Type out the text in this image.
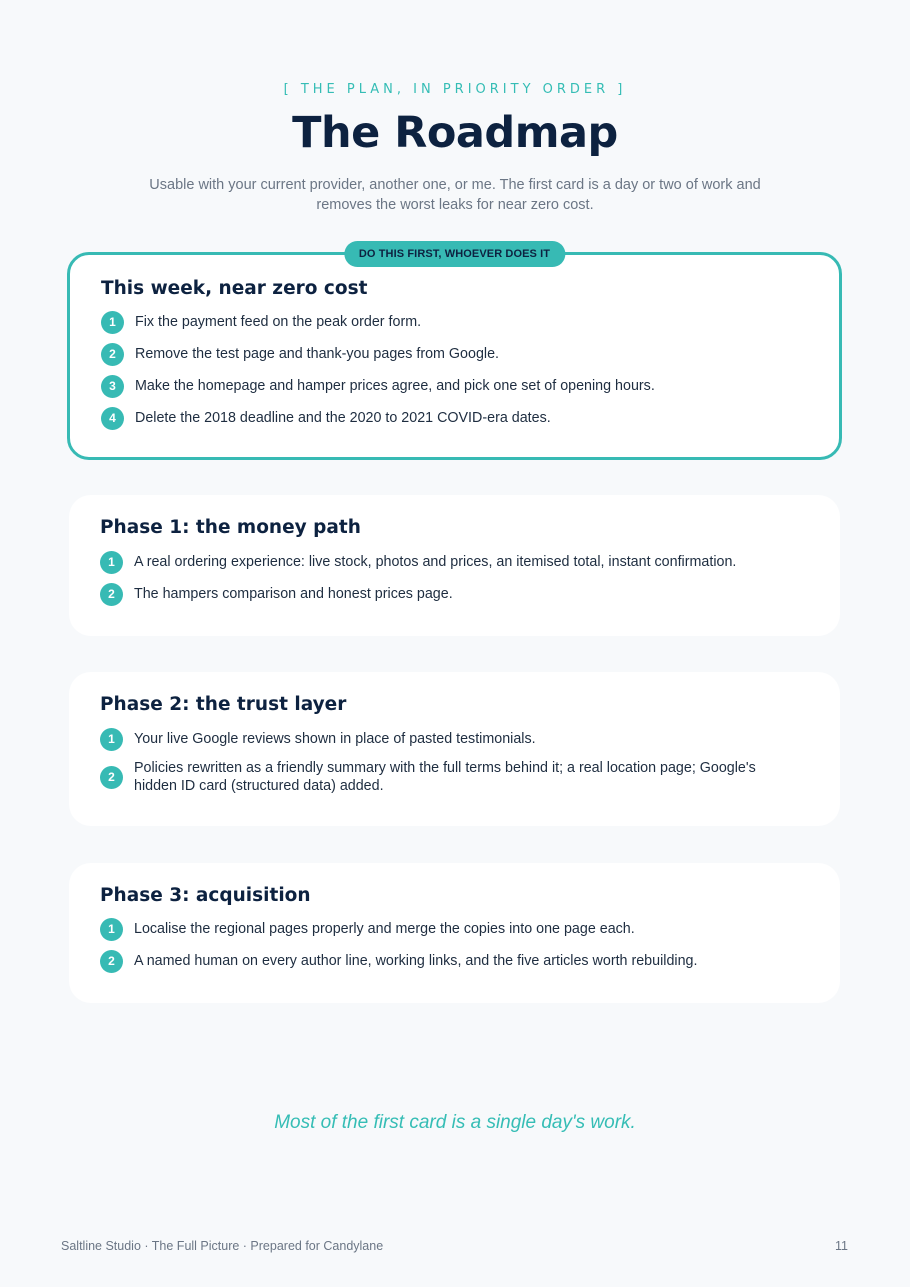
[ THE PLAN, IN PRIORITY ORDER ]
The Roadmap

Usable with your current provider, another one, or me. The first card is a day or two of work and removes the worst leaks for near zero cost.

DO THIS FIRST, WHOEVER DOES IT
This week, near zero cost
1	Fix the payment feed on the peak order form.
2	Remove the test page and thank-you pages from Google.
3	Make the homepage and hamper prices agree, and pick one set of opening hours.
4	Delete the 2018 deadline and the 2020 to 2021 COVID-era dates.
Phase 1: the money path
1	A real ordering experience: live stock, photos and prices, an itemised total, instant confirmation.
2	The hampers comparison and honest prices page.
Phase 2: the trust layer
1	Your live Google reviews shown in place of pasted testimonials.
2
Policies rewritten as a friendly summary with the full terms behind it; a real location page; Google's hidden ID card (structured data) added.
Phase 3: acquisition
1	Localise the regional pages properly and merge the copies into one page each.
2	A named human on every author line, working links, and the five articles worth rebuilding.
Most of the first card is a single day's work.
Saltline Studio · The Full Picture · Prepared for Candylane	11
